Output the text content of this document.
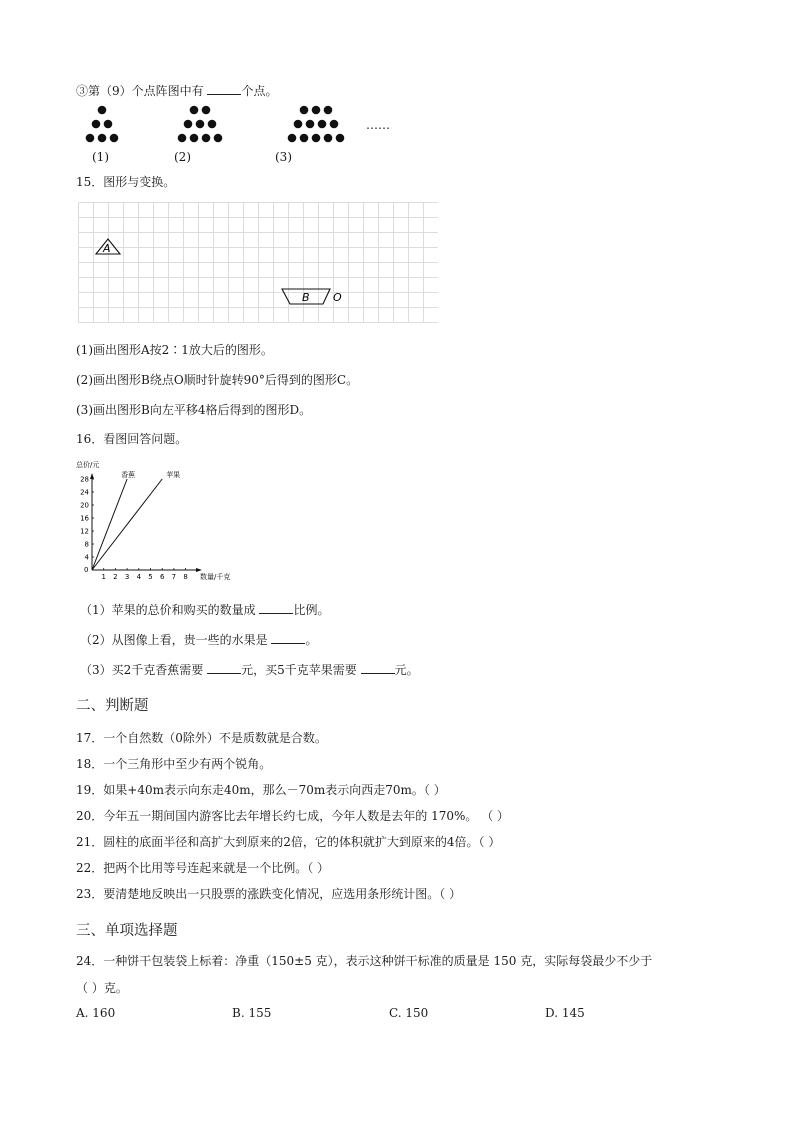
③第（9）个点阵图中有	个点。
(1)	(2)	(3)
……
15．图形与变换。
A
B O
(1)画出图形A按2∶1放大后的图形。
(2)画出图形B绕点O顺时针旋转90°后得到的图形C。
(3)画出图形B向左平移4格后得到的图形D。
16．看图回答问题。
总价/元
0
4
8
12
16
20
24
28
1 2 3 4 5 6 7 8 数量/千克
香蕉	苹果
（1）苹果的总价和购买的数量成	比例。
（2）从图像上看，贵一些的水果是	。
（3）买2千克香蕉需要	元，买5千克苹果需要	元。
二、判断题
17．一个自然数（0除外）不是质数就是合数。
18．一个三角形中至少有两个锐角。
19．如果+40m表示向东走40m，那么－70m表示向西走70m。（ ）
20．今年五一期间国内游客比去年增长约七成，今年人数是去年的 170%。 （ ）
21．圆柱的底面半径和高扩大到原来的2倍，它的体积就扩大到原来的4倍。（ ）
22．把两个比用等号连起来就是一个比例。（ ）
23．要清楚地反映出一只股票的涨跌变化情况，应选用条形统计图。（ ）
三、单项选择题
24．一种饼干包装袋上标着：净重（150±5 克），表示这种饼干标准的质量是 150 克，实际每袋最少不少于
（ ）克。
A. 160	B. 155	C. 150	D. 145
